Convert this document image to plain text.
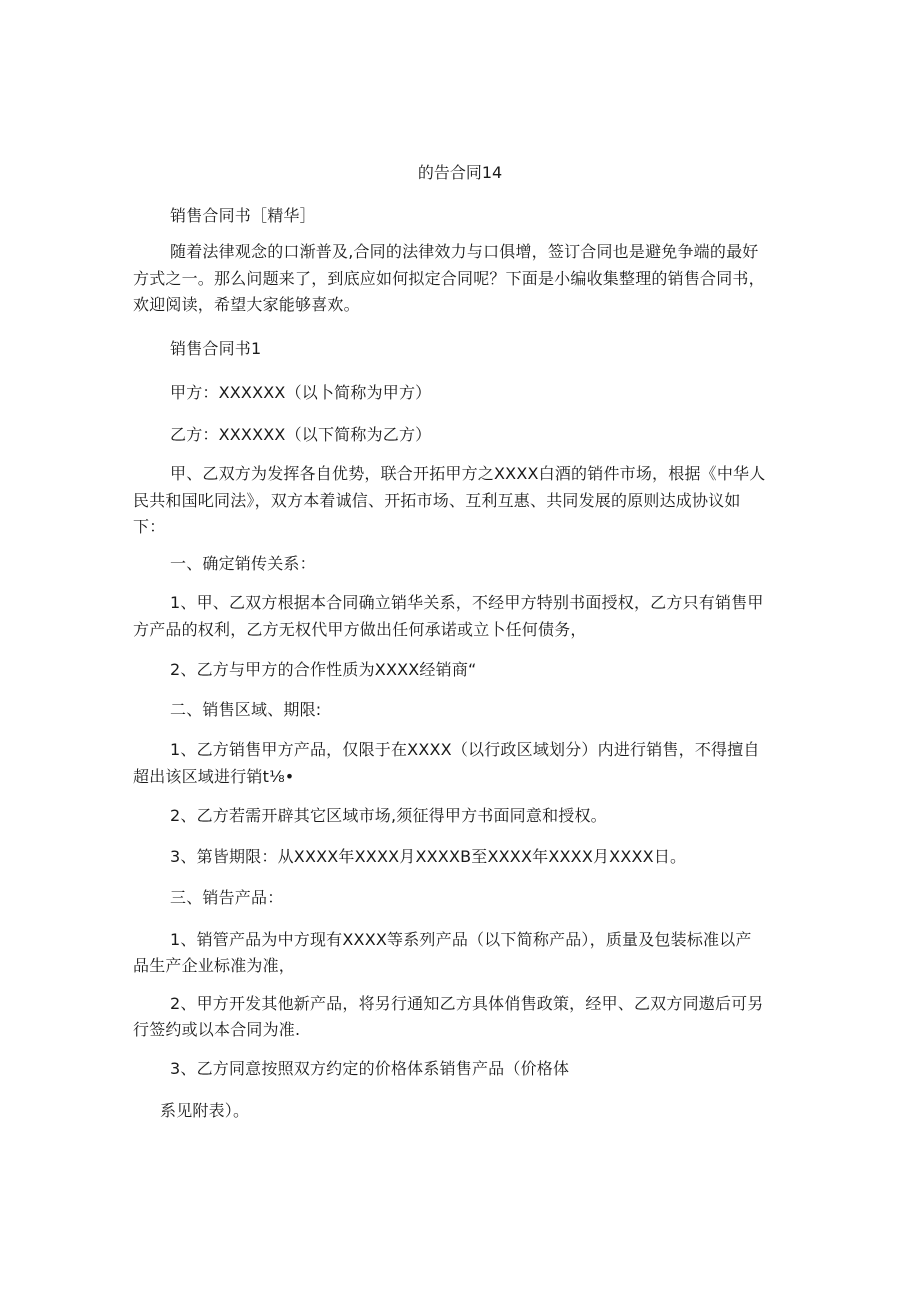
的告合同14
销售合同书［精华］
随着法律观念的口渐普及,合同的法律效力与口俱增，签订合同也是避免争端的最好
方式之一。那么问题来了，到底应如何拟定合同呢？下面是小编收集整理的销售合同书，
欢迎阅读，希望大家能够喜欢。
销售合同书1
甲方：XXXXXX（以卜简称为甲方）
乙方：XXXXXX（以下简称为乙方）
甲、乙双方为发挥各自优势，联合开拓甲方之XXXX白酒的销件市场，根据《中华人
民共和国叱同法》，双方本着诚信、开拓市场、互利互惠、共同发展的原则达成协议如
下：
一、确定销传关系：
1、甲、乙双方根据本合同确立销华关系，不经甲方特别书面授权，乙方只有销售甲
方产品的权利，乙方无权代甲方做出任何承诺或立卜任何债务，
2、乙方与甲方的合作性质为XXXX经销商“
二、销售区域、期限:
1、乙方销售甲方产品，仅限于在XXXX（以行政区域划分）内进行销售，不得擅自
超出该区域进行销t⅛•
2、乙方若需开辟其它区域市场,须征得甲方书面同意和授权。
3、第皆期限：从XXXX年XXXX月XXXXB至XXXX年XXXX月XXXX日。
三、销告产品：
1、销管产品为中方现有XXXX等系列产品（以下简称产品），质量及包装标准以产
品生产企业标准为准，
2、甲方开发其他新产品，将另行通知乙方具体俏售政策，经甲、乙双方同遨后可另
行签约或以本合同为准.
3、乙方同意按照双方约定的价格体系销售产品（价格体
系见附表）。
